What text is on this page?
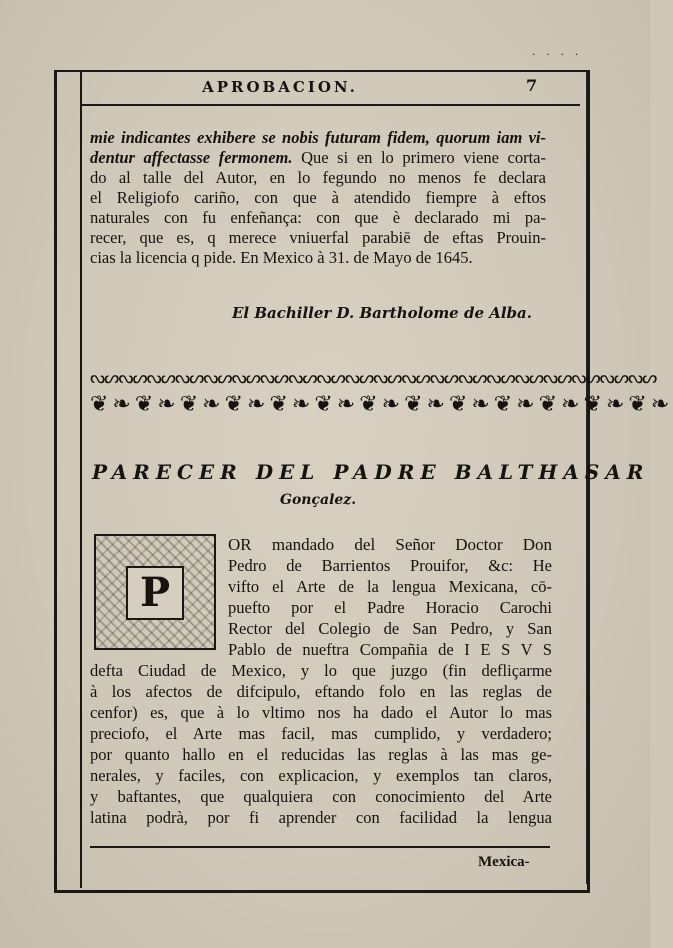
· · · ·
APROBACION.	7
mie indicantes exhibere se nobis futuram fidem, quorum iam vi-
dentur affectasse fermonem. Que si en lo primero viene corta-
do al talle del Autor, en lo fegundo no menos fe declara
el Religiofo cariño, con que à atendido fiempre à eftos
naturales con fu enfeñança: con que è declarado mi pa-
recer, que es, q merece vniuerfal parabiē de eftas Prouin-
cias la licencia q pide. En Mexico à 31. de Mayo de 1645.
El Bachiller D. Bartholome de Alba.
ᔓᔕᔓᔕᔓᔕᔓᔕᔓᔕᔓᔕᔓᔕᔓᔕᔓᔕᔓᔕᔓᔕᔓᔕᔓᔕᔓᔕᔓᔕᔓᔕᔓᔕᔓᔕᔓᔕᔓᔕ
❦❧❦❧❦❧❦❧❦❧❦❧❦❧❦❧❦❧❦❧❦❧❦❧❦❧
PARECER DEL PADRE BALTHASAR
Gonçalez.
P
OR mandado del Señor Doctor Don
Pedro de Barrientos Prouifor, &c: He
vifto el Arte de la lengua Mexicana, cō-
puefto por el Padre Horacio Carochi
Rector del Colegio de San Pedro, y San
Pablo de nueftra Compañia de I E S V S
defta Ciudad de Mexico, y lo que juzgo (fin defliçarme
à los afectos de difcipulo, eftando folo en las reglas de
cenfor) es, que à lo vltimo nos ha dado el Autor lo mas
preciofo, el Arte mas facil, mas cumplido, y verdadero;
por quanto hallo en el reducidas las reglas à las mas ge-
nerales, y faciles, con explicacion, y exemplos tan claros,
y baftantes, que qualquiera con conocimiento del Arte
latina podrà, por fi aprender con facilidad la lengua
Mexica-
